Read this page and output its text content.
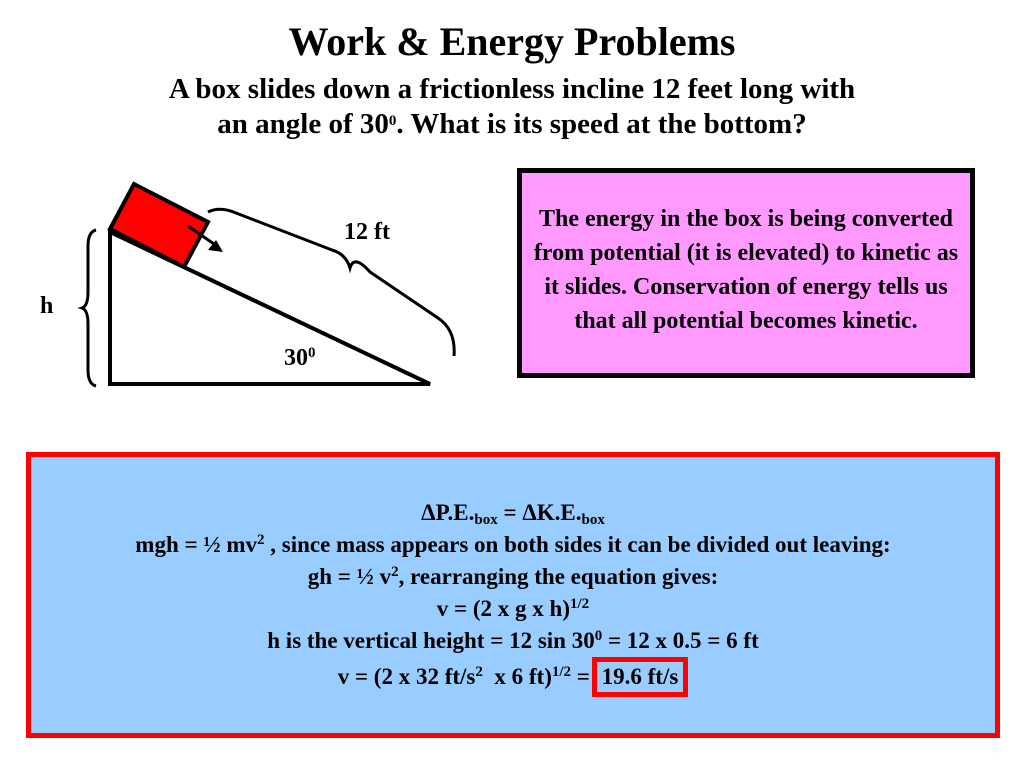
Work & Energy Problems
A box slides down a frictionless incline 12 feet long with
an angle of $30^0$. What is its speed at the bottom?
12 ft
h
$30^0$
The energy in the box is being converted from potential (it is elevated) to kinetic as it slides. Conservation of energy tells us that all potential becomes kinetic.
$\Delta P.E._{box} = \Delta K.E._{box}$
mgh = ½ $mv^2$ , since mass appears on both sides it can be divided out leaving:
gh = ½ $v^2$, rearranging the equation gives:
v = (2 x g x h)$^{1/2}$
h is the vertical height = 12 $\sin 30^0 = 12$ x 0.5 = 6 ft
v = (2 x 32 $ft/s^2$  x 6 ft)$^{1/2}$ = 19.6 ft/s
